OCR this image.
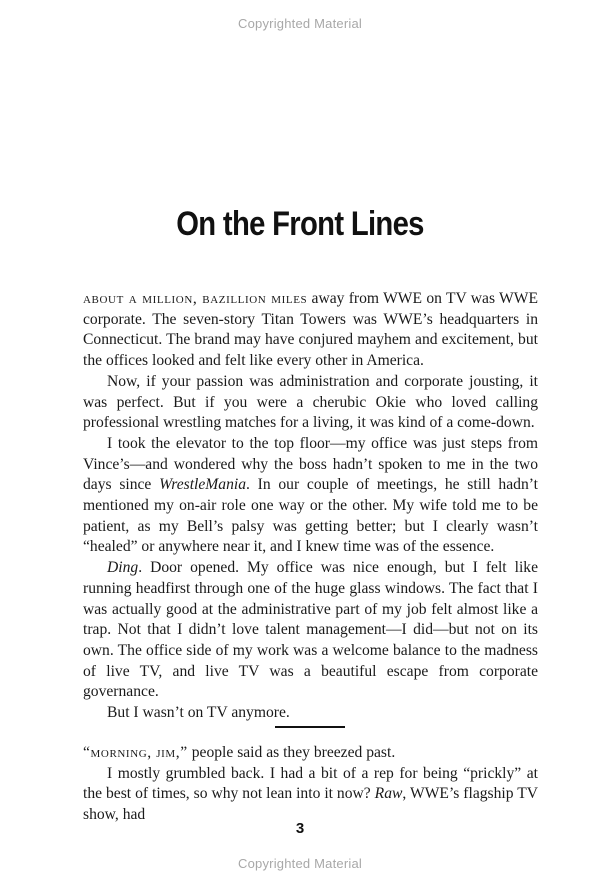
Copyrighted Material
On the Front Lines

about a million, bazillion miles away from WWE on TV was WWE corporate. The seven-story Titan Towers was WWE’s headquarters in Connecticut. The brand may have conjured mayhem and excitement, but the offices looked and felt like every other in America.

Now, if your passion was administration and corporate jousting, it was perfect. But if you were a cherubic Okie who loved calling professional wrestling matches for a living, it was kind of a come-down.

I took the elevator to the top floor—my office was just steps from Vince’s—and wondered why the boss hadn’t spoken to me in the two days since WrestleMania. In our couple of meetings, he still hadn’t mentioned my on-air role one way or the other. My wife told me to be patient, as my Bell’s palsy was getting better; but I clearly wasn’t “healed” or anywhere near it, and I knew time was of the essence.

Ding. Door opened. My office was nice enough, but I felt like running headfirst through one of the huge glass windows. The fact that I was actually good at the administrative part of my job felt almost like a trap. Not that I didn’t love talent management—I did—but not on its own. The office side of my work was a welcome balance to the madness of live TV, and live TV was a beautiful escape from corporate governance.

But I wasn’t on TV anymore.

“morning, jim,” people said as they breezed past.

I mostly grumbled back. I had a bit of a rep for being “prickly” at the best of times, so why not lean into it now? Raw, WWE’s flagship TV show, had

3
Copyrighted Material
